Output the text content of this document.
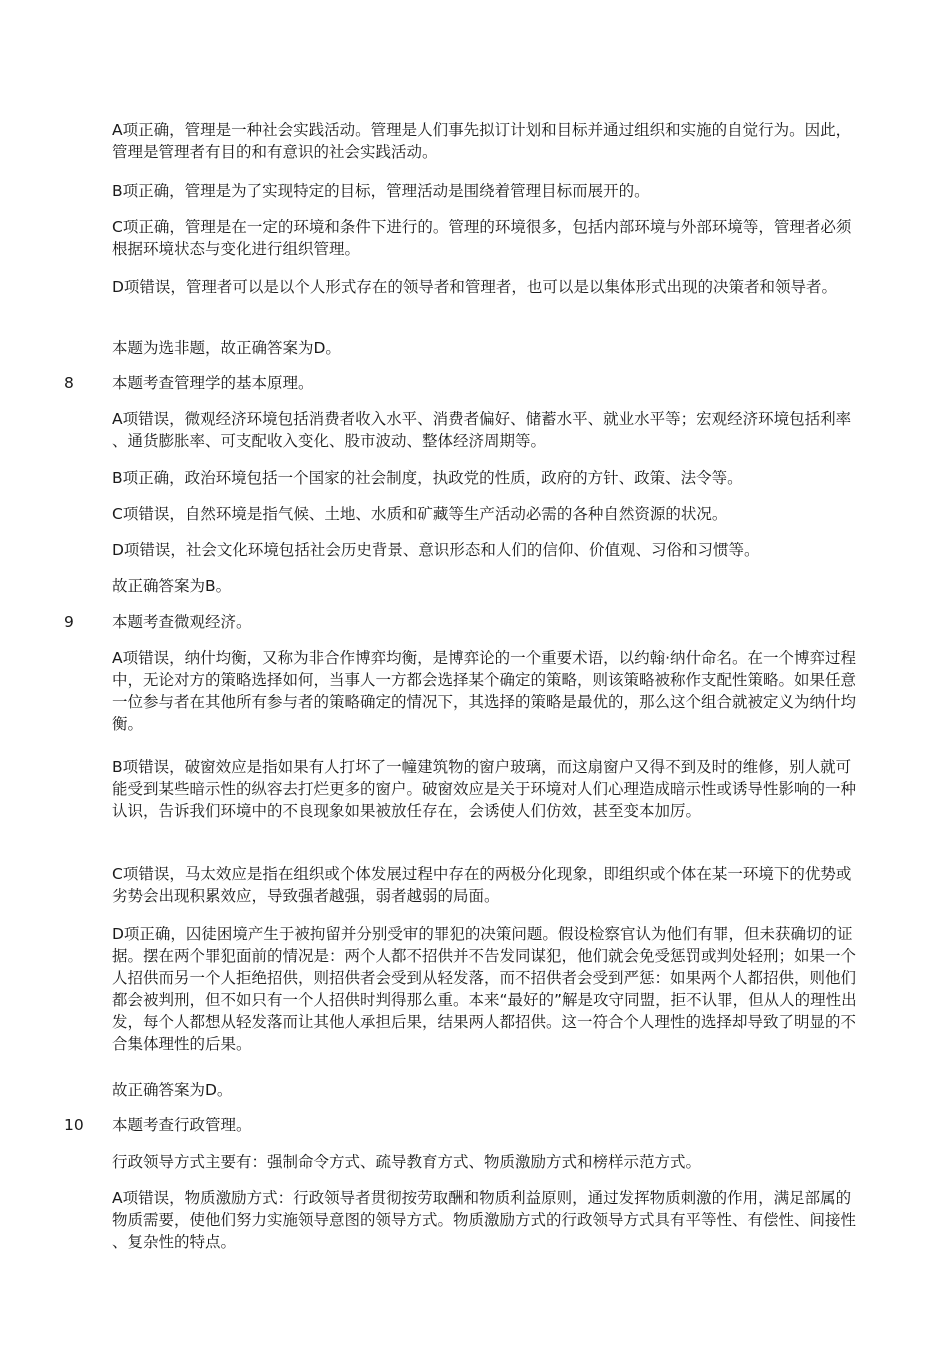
A项正确，管理是一种社会实践活动。管理是人们事先拟订计划和目标并通过组织和实施的自觉行为。因此，管理是管理者有目的和有意识的社会实践活动。

B项正确，管理是为了实现特定的目标，管理活动是围绕着管理目标而展开的。

C项正确，管理是在一定的环境和条件下进行的。管理的环境很多，包括内部环境与外部环境等，管理者必须根据环境状态与变化进行组织管理。

D项错误，管理者可以是以个人形式存在的领导者和管理者，也可以是以集体形式出现的决策者和领导者。

本题为选非题，故正确答案为D。

8 本题考查管理学的基本原理。

A项错误，微观经济环境包括消费者收入水平、消费者偏好、储蓄水平、就业水平等；宏观经济环境包括利率、通货膨胀率、可支配收入变化、股市波动、整体经济周期等。

B项正确，政治环境包括一个国家的社会制度，执政党的性质，政府的方针、政策、法令等。

C项错误，自然环境是指气候、土地、水质和矿藏等生产活动必需的各种自然资源的状况。

D项错误，社会文化环境包括社会历史背景、意识形态和人们的信仰、价值观、习俗和习惯等。

故正确答案为B。

9 本题考查微观经济。

A项错误，纳什均衡，又称为非合作博弈均衡，是博弈论的一个重要术语，以约翰·纳什命名。在一个博弈过程中，无论对方的策略选择如何，当事人一方都会选择某个确定的策略，则该策略被称作支配性策略。如果任意一位参与者在其他所有参与者的策略确定的情况下，其选择的策略是最优的，那么这个组合就被定义为纳什均衡。

B项错误，破窗效应是指如果有人打坏了一幢建筑物的窗户玻璃，而这扇窗户又得不到及时的维修，别人就可能受到某些暗示性的纵容去打烂更多的窗户。破窗效应是关于环境对人们心理造成暗示性或诱导性影响的一种认识，告诉我们环境中的不良现象如果被放任存在，会诱使人们仿效，甚至变本加厉。

C项错误，马太效应是指在组织或个体发展过程中存在的两极分化现象，即组织或个体在某一环境下的优势或劣势会出现积累效应，导致强者越强，弱者越弱的局面。

D项正确，囚徒困境产生于被拘留并分别受审的罪犯的决策问题。假设检察官认为他们有罪，但未获确切的证据。摆在两个罪犯面前的情况是：两个人都不招供并不告发同谋犯，他们就会免受惩罚或判处轻刑；如果一个人招供而另一个人拒绝招供，则招供者会受到从轻发落，而不招供者会受到严惩：如果两个人都招供，则他们都会被判刑，但不如只有一个人招供时判得那么重。本来“最好的”解是攻守同盟，拒不认罪，但从人的理性出发，每个人都想从轻发落而让其他人承担后果，结果两人都招供。这一符合个人理性的选择却导致了明显的不合集体理性的后果。

故正确答案为D。

10 本题考查行政管理。

行政领导方式主要有：强制命令方式、疏导教育方式、物质激励方式和榜样示范方式。

A项错误，物质激励方式：行政领导者贯彻按劳取酬和物质利益原则，通过发挥物质刺激的作用，满足部属的物质需要，使他们努力实施领导意图的领导方式。物质激励方式的行政领导方式具有平等性、有偿性、间接性、复杂性的特点。
